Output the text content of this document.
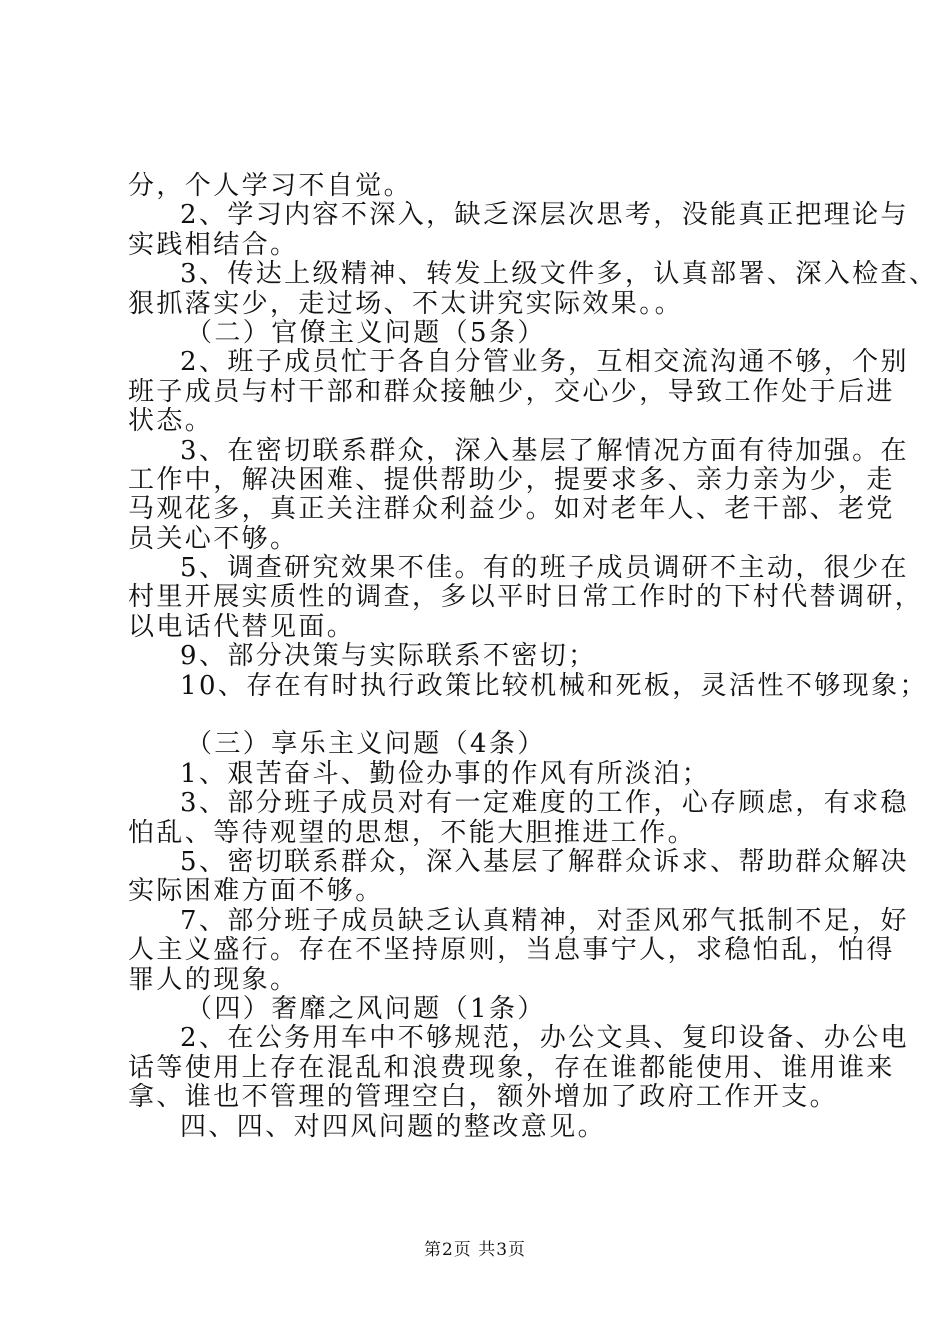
分，个人学习不自觉。
2、学习内容不深入，缺乏深层次思考，没能真正把理论与
实践相结合。
3、传达上级精神、转发上级文件多，认真部署、深入检查、
狠抓落实少，走过场、不太讲究实际效果。。
（二）官僚主义问题（5条）
2、班子成员忙于各自分管业务，互相交流沟通不够，个别
班子成员与村干部和群众接触少，交心少，导致工作处于后进
状态。
3、在密切联系群众，深入基层了解情况方面有待加强。在
工作中，解决困难、提供帮助少，提要求多、亲力亲为少，走
马观花多，真正关注群众利益少。如对老年人、老干部、老党
员关心不够。
5、调查研究效果不佳。有的班子成员调研不主动，很少在
村里开展实质性的调查，多以平时日常工作时的下村代替调研，
以电话代替见面。
9、部分决策与实际联系不密切；
10、存在有时执行政策比较机械和死板，灵活性不够现象；
（三）享乐主义问题（4条）
1、艰苦奋斗、勤俭办事的作风有所淡泊；
3、部分班子成员对有一定难度的工作，心存顾虑，有求稳
怕乱、等待观望的思想，不能大胆推进工作。
5、密切联系群众，深入基层了解群众诉求、帮助群众解决
实际困难方面不够。
7、部分班子成员缺乏认真精神，对歪风邪气抵制不足，好
人主义盛行。存在不坚持原则，当息事宁人，求稳怕乱，怕得
罪人的现象。
（四）奢靡之风问题（1条）
2、在公务用车中不够规范，办公文具、复印设备、办公电
话等使用上存在混乱和浪费现象，存在谁都能使用、谁用谁来
拿、谁也不管理的管理空白，额外增加了政府工作开支。
四、四、对四风问题的整改意见。
第2页 共3页
